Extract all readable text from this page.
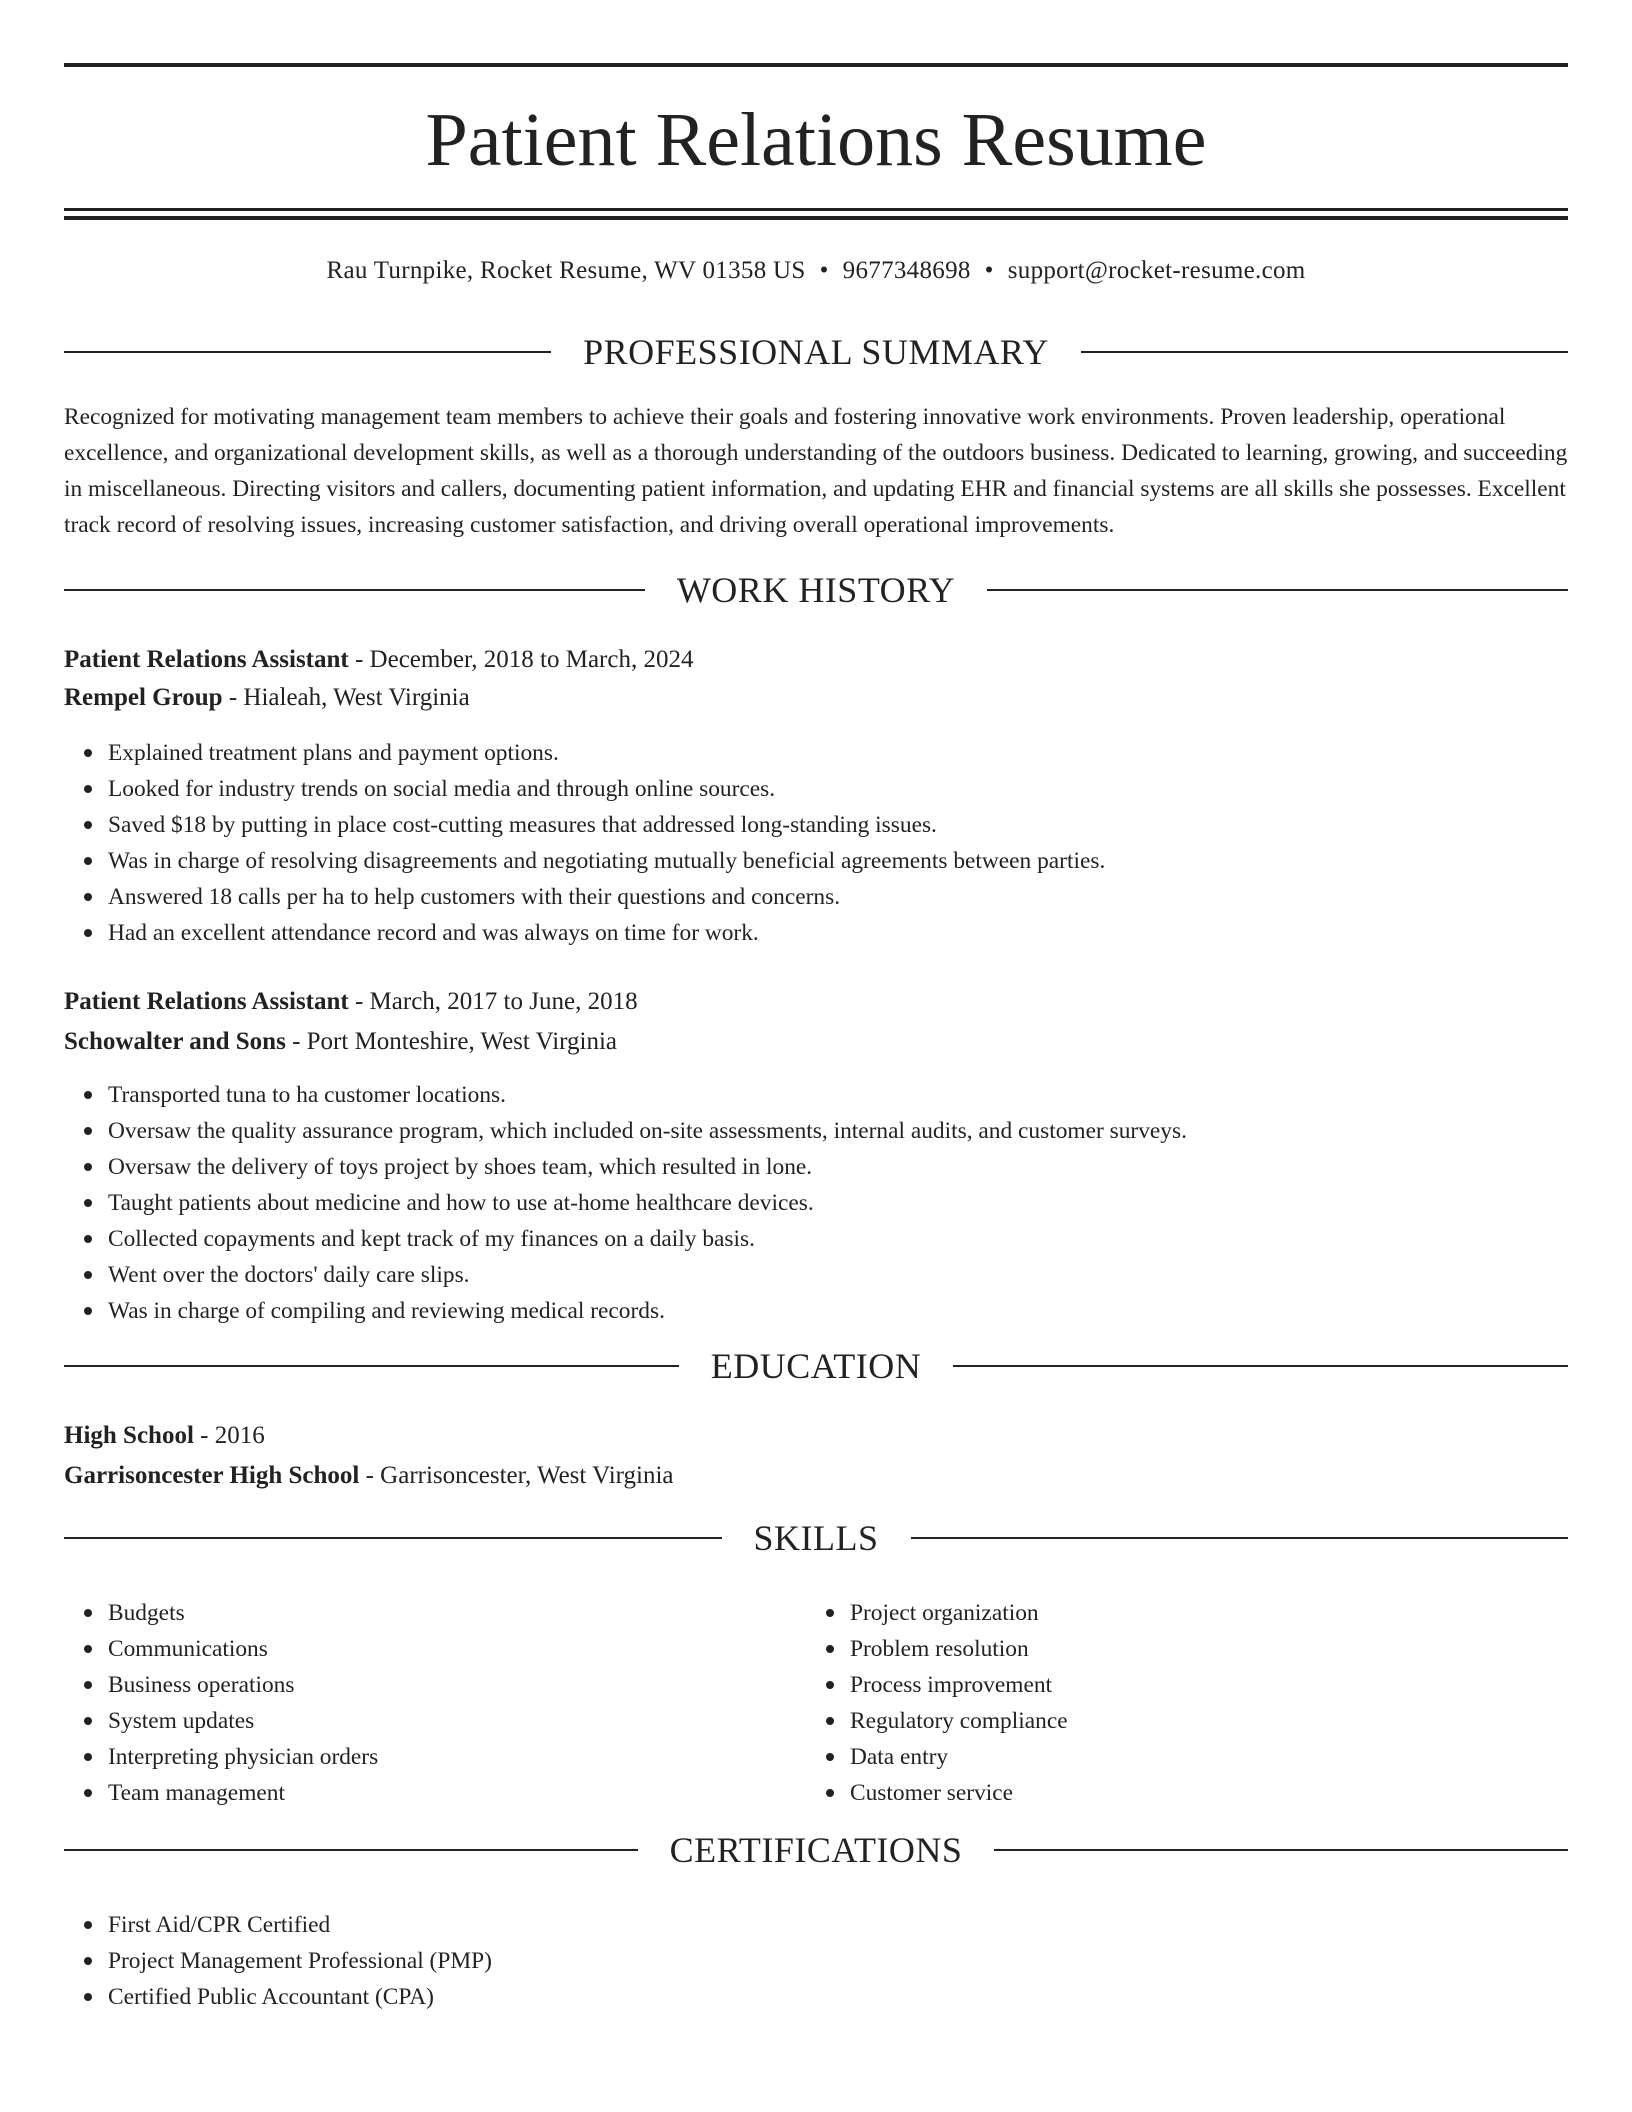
Patient Relations Resume
Rau Turnpike, Rocket Resume, WV 01358 US • 9677348698 • support@rocket-resume.com
PROFESSIONAL SUMMARY

Recognized for motivating management team members to achieve their goals and fostering innovative work environments. Proven leadership, operational excellence, and organizational development skills, as well as a thorough understanding of the outdoors business. Dedicated to learning, growing, and succeeding in miscellaneous. Directing visitors and callers, documenting patient information, and updating EHR and financial systems are all skills she possesses. Excellent track record of resolving issues, increasing customer satisfaction, and driving overall operational improvements.

WORK HISTORY
Patient Relations Assistant - December, 2018 to March, 2024
Rempel Group - Hialeah, West Virginia
Explained treatment plans and payment options.
Looked for industry trends on social media and through online sources.
Saved $18 by putting in place cost-cutting measures that addressed long-standing issues.
Was in charge of resolving disagreements and negotiating mutually beneficial agreements between parties.
Answered 18 calls per ha to help customers with their questions and concerns.
Had an excellent attendance record and was always on time for work.
Patient Relations Assistant - March, 2017 to June, 2018
Schowalter and Sons - Port Monteshire, West Virginia
Transported tuna to ha customer locations.
Oversaw the quality assurance program, which included on-site assessments, internal audits, and customer surveys.
Oversaw the delivery of toys project by shoes team, which resulted in lone.
Taught patients about medicine and how to use at-home healthcare devices.
Collected copayments and kept track of my finances on a daily basis.
Went over the doctors' daily care slips.
Was in charge of compiling and reviewing medical records.
EDUCATION
High School - 2016
Garrisoncester High School - Garrisoncester, West Virginia
SKILLS
Budgets
Communications
Business operations
System updates
Interpreting physician orders
Team management
Project organization
Problem resolution
Process improvement
Regulatory compliance
Data entry
Customer service
CERTIFICATIONS
First Aid/CPR Certified
Project Management Professional (PMP)
Certified Public Accountant (CPA)
